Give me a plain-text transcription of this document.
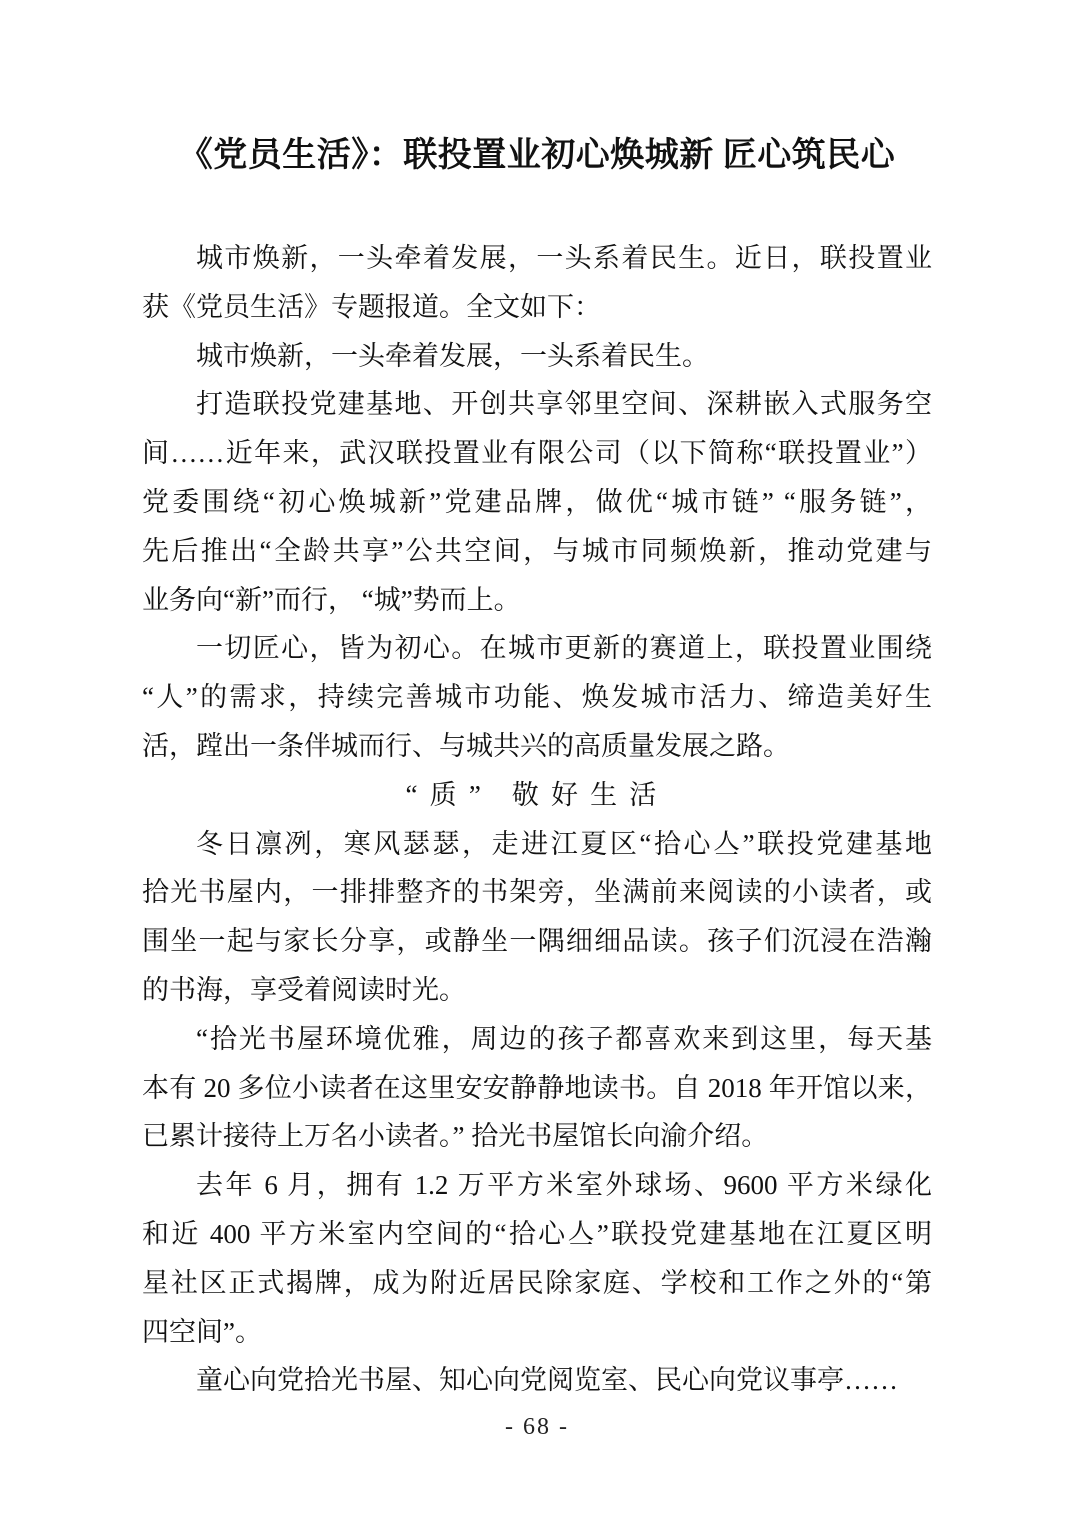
《党员生活》：联投置业初心焕城新 匠心筑民心
城市焕新，一头牵着发展，一头系着民生。近日，联投置业
获《党员生活》专题报道。全文如下：
城市焕新，一头牵着发展，一头系着民生。
打造联投党建基地、开创共享邻里空间、深耕嵌入式服务空
间……近年来，武汉联投置业有限公司（以下简称“联投置业”）
党委围绕“初心焕城新”党建品牌，做优“城市链” “服务链”，
先后推出“全龄共享”公共空间，与城市同频焕新，推动党建与
业务向“新”而行， “城”势而上。
一切匠心，皆为初心。在城市更新的赛道上，联投置业围绕
“人”的需求，持续完善城市功能、焕发城市活力、缔造美好生
活，蹚出一条伴城而行、与城共兴的高质量发展之路。
“质” 敬好生活
冬日凛冽，寒风瑟瑟，走进江夏区“拾心亼”联投党建基地
拾光书屋内，一排排整齐的书架旁，坐满前来阅读的小读者，或
围坐一起与家长分享，或静坐一隅细细品读。孩子们沉浸在浩瀚
的书海，享受着阅读时光。
“拾光书屋环境优雅，周边的孩子都喜欢来到这里，每天基
本有 20 多位小读者在这里安安静静地读书。自 2018 年开馆以来，
已累计接待上万名小读者。” 拾光书屋馆长向渝介绍。
去年 6 月，拥有 1.2 万平方米室外球场、9600 平方米绿化
和近 400 平方米室内空间的“拾心亼”联投党建基地在江夏区明
星社区正式揭牌，成为附近居民除家庭、学校和工作之外的“第
四空间”。
童心向党拾光书屋、知心向党阅览室、民心向党议事亭……
- 68 -
